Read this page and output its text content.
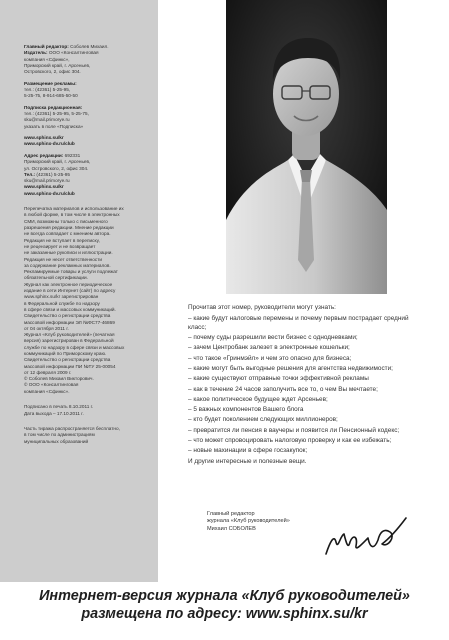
Главный редактор: Соболев Михаил.
Издатель: ООО «Консалтинговая
компания «Сфинкс»,
Приморский край, г. Арсеньев,
Островского, 2, офис 304.
Размещение рекламы:
тел.: (42361) 5-25-95,
5-25-75, 8-914-685-50-50
Подписка редакционная:
тел.: (42361) 5-25-95, 5-25-75,
sku@mail.primorye.ru
указать в поле «Подписка»
www.sphinx.su/kr
www.sphinx-dv.ru/club
Адрес редакции: 692331
Приморский край, г. Арсеньев,
ул. Островского, 2, офис 304.
Тел.: (42361) 5-25-95
sku@mail.primorye.ru
www.sphinx.su/kr
www.sphinx-dv.ru/club
Перепечатка материалов и использование их
в любой форме, в том числе в электронных
СМИ, возможны только с письменного
разрешения редакции. Мнение редакции
не всегда совпадает с мнением автора.
Редакция не вступает в переписку,
не рецензирует и не возвращает
не заказанные рукописи и иллюстрации.
Редакция не несет ответственности
за содержание рекламных материалов.
Рекламируемые товары и услуги подлежат
обязательной сертификации.
Журнал как электронное периодическое
издание в сети Интернет (сайт) по адресу
www.sphinx.su/kr зарегистрирован
в Федеральной службе по надзору
в сфере связи и массовых коммуникаций.
Свидетельство о регистрации средства
массовой информации ЭЛ №ФС77-46869
от 04 октября 2011 г.
Журнал «Клуб руководителей» (печатная
версия) зарегистрирован в Федеральной
службе по надзору в сфере связи и массовых
коммуникаций по Приморскому краю.
Свидетельство о регистрации средства
массовой информации ПИ №ТУ 25-00054
от 12 февраля 2009 г.
© Соболев Михаил Викторович.
© ООО «Консалтинговая
компания «Сфинкс».
Подписано в печать 8.10.2011 г.
Дата выхода – 17.10.2011 г.
Часть тиража распространяется бесплатно,
в том числе по администрациям
муниципальных образований
Прочитав этот номер, руководители могут узнать:
– какие будут налоговые перемены и почему первым пострадает средний класс;
– почему суды разрешили вести бизнес с однодневками;
– зачем Центробанк залезет в электронные кошельки;
– что такое «Гринмэйл» и чем это опасно для бизнеса;
– какие могут быть выгодные решения для агентства недвижимости;
– какие существуют отправные точки эффективной рекламы
– как в течение 24 часов заполучить все то, о чем Вы мечтаете;
– какое политическое будущее ждет Арсеньев;
– 5 важных компонентов Вашего блога
– кто будет поколением следующих миллионеров;
– превратится ли пенсия в ваучеры и появится ли Пенсионный кодекс;
– что может спровоцировать налоговую проверку и как ее избежать;
– новые махинации в сфере госзакупок;
И другие интересные и полезные вещи.
Главный редактор
журнала «Клуб руководителей»
Михаил СОБОЛЕВ
Интернет-версия журнала «Клуб руководителей»
размещена по адресу: www.sphinx.su/kr
